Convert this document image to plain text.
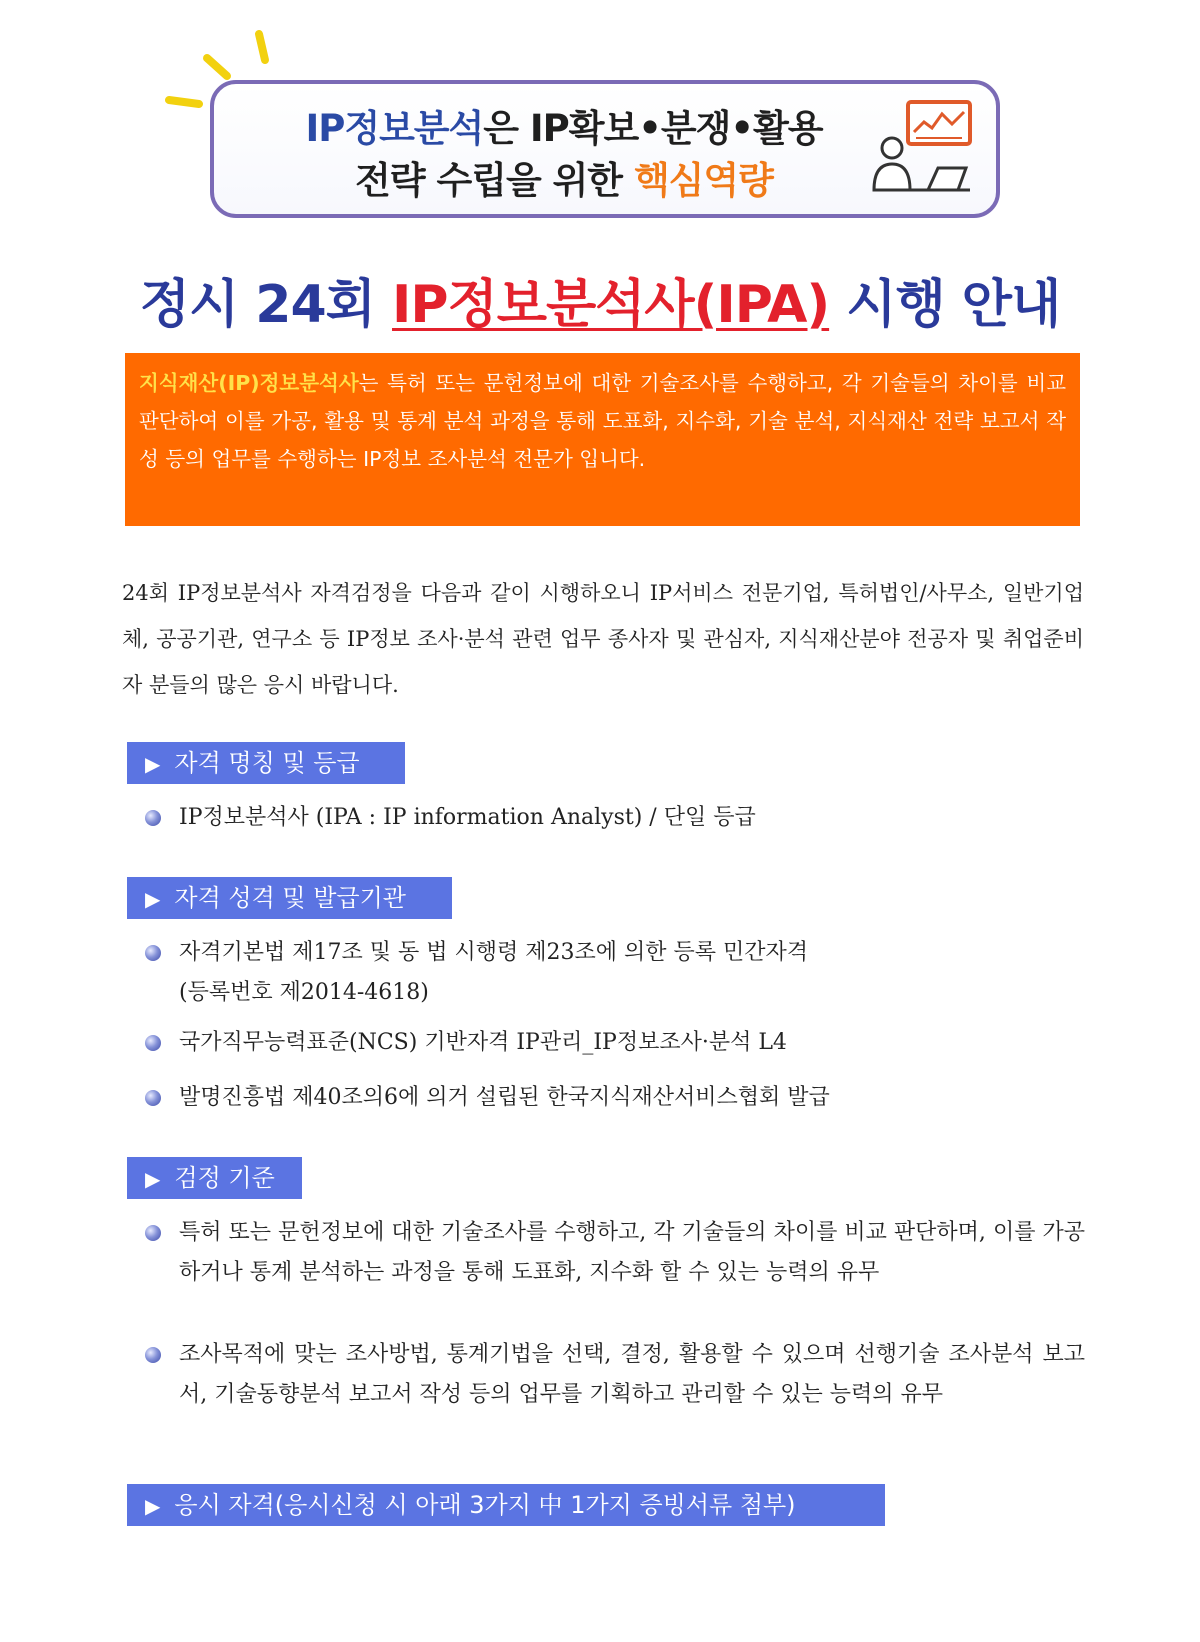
IP정보분석은 IP확보•분쟁•활용
전략 수립을 위한 핵심역량
정시 24회 IP정보분석사(IPA) 시행 안내
지식재산(IP)정보분석사는 특허 또는 문헌정보에 대한 기술조사를 수행하고, 각 기술들의 차이를 비교 판단하여 이를 가공, 활용 및 통계 분석 과정을 통해 도표화, 지수화, 기술 분석, 지식재산 전략 보고서 작성 등의 업무를 수행하는 IP정보 조사분석 전문가 입니다.
24회 IP정보분석사 자격검정을 다음과 같이 시행하오니 IP서비스 전문기업, 특허법인/사무소, 일반기업체, 공공기관, 연구소 등 IP정보 조사·분석 관련 업무 종사자 및 관심자, 지식재산분야 전공자 및 취업준비자 분들의 많은 응시 바랍니다.
▶ 자격 명칭 및 등급
IP정보분석사 (IPA : IP information Analyst) / 단일 등급
▶ 자격 성격 및 발급기관
자격기본법 제17조 및 동 법 시행령 제23조에 의한 등록 민간자격
(등록번호 제2014-4618)
국가직무능력표준(NCS) 기반자격 IP관리_IP정보조사·분석 L4
발명진흥법 제40조의6에 의거 설립된 한국지식재산서비스협회 발급
▶ 검정 기준
특허 또는 문헌정보에 대한 기술조사를 수행하고, 각 기술들의 차이를 비교 판단하며, 이를 가공하거나 통계 분석하는 과정을 통해 도표화, 지수화 할 수 있는 능력의 유무
조사목적에 맞는 조사방법, 통계기법을 선택, 결정, 활용할 수 있으며 선행기술 조사분석 보고서, 기술동향분석 보고서 작성 등의 업무를 기획하고 관리할 수 있는 능력의 유무
▶ 응시 자격(응시신청 시 아래 3가지 中 1가지 증빙서류 첨부)
